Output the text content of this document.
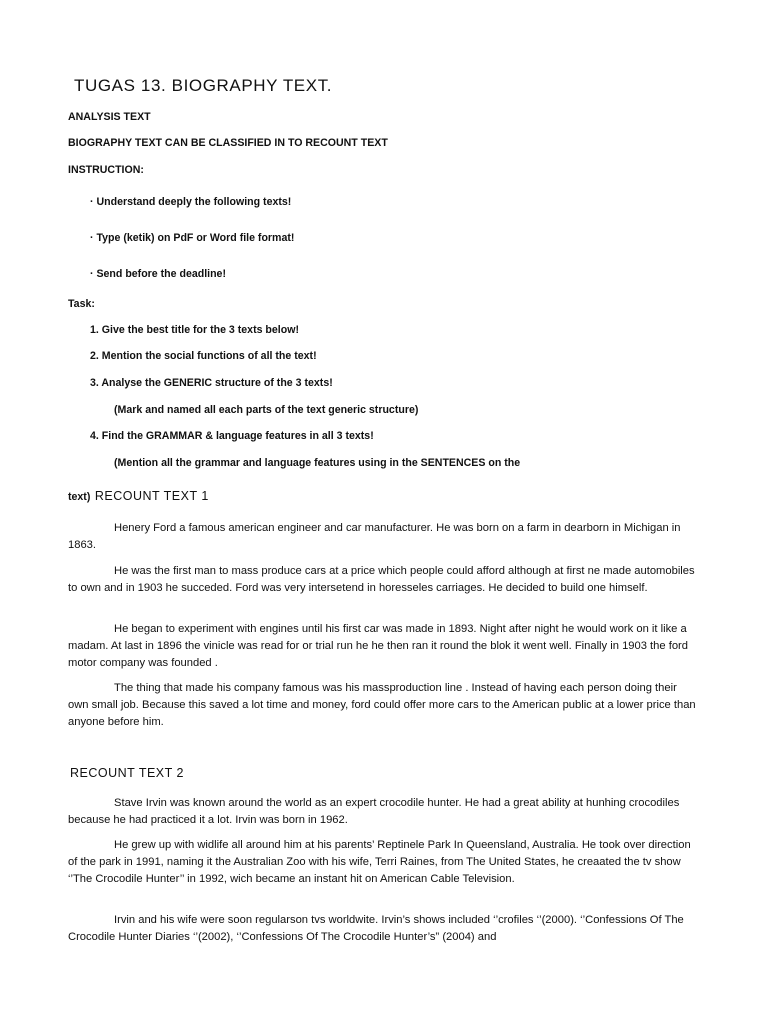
TUGAS 13. BIOGRAPHY TEXT.
ANALYSIS TEXT
BIOGRAPHY TEXT CAN BE CLASSIFIED IN TO RECOUNT TEXT
INSTRUCTION:
· Understand deeply the following texts!
· Type (ketik) on PdF or Word file format!
· Send before the deadline!
Task:
1. Give the best title for the 3 texts below!
2. Mention the social functions of all the text!
3. Analyse the GENERIC structure of the 3 texts!
(Mark and named all each parts of the text generic structure)
4. Find the GRAMMAR & language features in all 3 texts!
(Mention all the grammar and language features using in the SENTENCES on the
text) RECOUNT TEXT 1
Henery Ford a famous american engineer and car manufacturer. He was born on a farm in dearborn in Michigan in 1863.
He was the first man to mass produce cars at a price which people could afford although at first ne made automobiles to own and in 1903 he succeded. Ford was very intersetend in horesseles carriages. He decided to build one himself.
He began to experiment with engines until his first car was made in 1893. Night after night he would work on it like a madam. At last in 1896 the vinicle was read for or trial run he he then ran it round the blok it went well. Finally in 1903 the ford motor company was founded .
The thing that made his company famous was his massproduction line . Instead of having each person doing their own small job. Because this saved a lot time and money, ford could offer more cars to the American public at a lower price than anyone before him.
RECOUNT TEXT 2
Stave Irvin was known around the world as an expert crocodile hunter. He had a great ability at hunhing crocodiles because he had practiced it a lot. Irvin was born in 1962.
He grew up with widlife all around him at his parents’ Reptinele Park In Queensland, Australia. He took over direction of the park in 1991, naming it the Australian Zoo with his wife, Terri Raines, from The United States, he creaated the tv show ‘’The Crocodile Hunter’’ in 1992, wich became an instant hit on American Cable Television.
Irvin and his wife were soon regularson tvs worldwite. Irvin’s shows included ‘’crofiles ‘’(2000). ‘’Confessions Of The Crocodile Hunter Diaries ‘’(2002), ‘’Confessions Of The Crocodile Hunter’s” (2004) and
